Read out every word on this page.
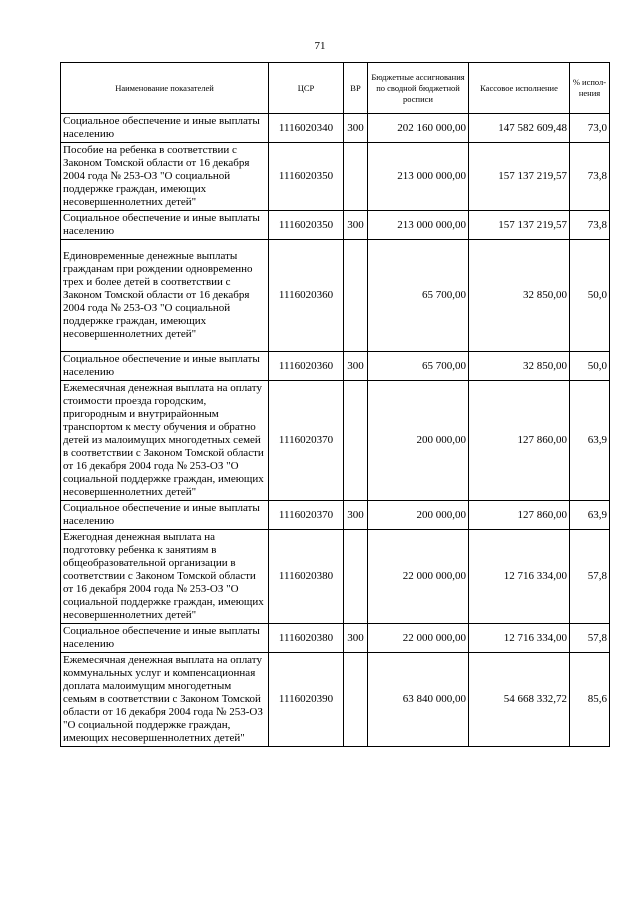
71
Наименование показателей	ЦСР	ВР	Бюджетные ассигнования по сводной бюджетной росписи	Кассовое исполнение	% испол-нения
Социальное обеспечение и иные выплаты населению	1116020340	300	202 160 000,00	147 582 609,48	73,0
Пособие на ребенка в соответствии с Законом Томской области от 16 декабря 2004 года № 253-ОЗ "О социальной поддержке граждан, имеющих несовершеннолетних детей"	1116020350		213 000 000,00	157 137 219,57	73,8
Социальное обеспечение и иные выплаты населению	1116020350	300	213 000 000,00	157 137 219,57	73,8
Единовременные денежные выплаты гражданам при рождении одновременно трех и более детей в соответствии с Законом Томской области от 16 декабря 2004 года № 253-ОЗ "О социальной поддержке граждан, имеющих несовершеннолетних детей"	1116020360		65 700,00	32 850,00	50,0
Социальное обеспечение и иные выплаты населению	1116020360	300	65 700,00	32 850,00	50,0
Ежемесячная денежная выплата на оплату стоимости проезда городским, пригородным и внутрирайонным транспортом к месту обучения и обратно детей из малоимущих многодетных семей в соответствии с Законом Томской области от 16 декабря 2004 года № 253-ОЗ "О социальной поддержке граждан, имеющих несовершеннолетних детей"	1116020370		200 000,00	127 860,00	63,9
Социальное обеспечение и иные выплаты населению	1116020370	300	200 000,00	127 860,00	63,9
Ежегодная денежная выплата на подготовку ребенка к занятиям в общеобразовательной организации в соответствии с Законом Томской области от 16 декабря 2004 года № 253-ОЗ "О социальной поддержке граждан, имеющих несовершеннолетних детей"	1116020380		22 000 000,00	12 716 334,00	57,8
Социальное обеспечение и иные выплаты населению	1116020380	300	22 000 000,00	12 716 334,00	57,8
Ежемесячная денежная выплата на оплату коммунальных услуг и компенсационная доплата малоимущим многодетным семьям в соответствии с Законом Томской области от 16 декабря 2004 года № 253-ОЗ "О социальной поддержке граждан, имеющих несовершеннолетних детей"	1116020390		63 840 000,00	54 668 332,72	85,6
